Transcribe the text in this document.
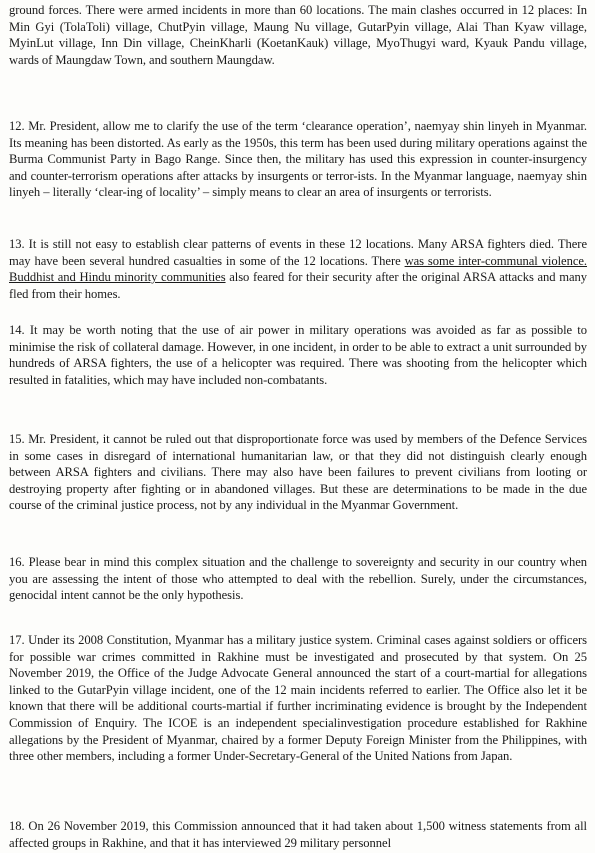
ground forces. There were armed incidents in more than 60 locations. The main clashes occurred in 12 places: In Min Gyi (TolaToli) village, ChutPyin village, Maung Nu village, GutarPyin village, Alai Than Kyaw village, MyinLut village, Inn Din village, CheinKharli (KoetanKauk) village, MyoThugyi ward, Kyauk Pandu village, wards of Maungdaw Town, and southern Maungdaw.

12. Mr. President, allow me to clarify the use of the term ‘clearance operation’, naemyay shin linyeh in Myanmar. Its meaning has been distorted. As early as the 1950s, this term has been used during military operations against the Burma Communist Party in Bago Range. Since then, the military has used this expression in counter-insurgency and counter-terrorism operations after attacks by insurgents or terror-ists. In the Myanmar language, naemyay shin linyeh – literally ‘clear-ing of locality’ – simply means to clear an area of insurgents or terrorists.

13. It is still not easy to establish clear patterns of events in these 12 locations. Many ARSA fighters died. There may have been several hundred casualties in some of the 12 locations. There was some inter-communal violence. Buddhist and Hindu minority communities also feared for their security after the original ARSA attacks and many fled from their homes.

14. It may be worth noting that the use of air power in military operations was avoided as far as possible to minimise the risk of collateral damage. However, in one incident, in order to be able to extract a unit surrounded by hundreds of ARSA fighters, the use of a helicopter was required. There was shooting from the helicopter which resulted in fatalities, which may have included non-combatants.

15. Mr. President, it cannot be ruled out that disproportionate force was used by members of the Defence Services in some cases in disregard of international humanitarian law, or that they did not distinguish clearly enough between ARSA fighters and civilians. There may also have been failures to prevent civilians from looting or destroying property after fighting or in abandoned villages. But these are determinations to be made in the due course of the criminal justice process, not by any individual in the Myanmar Government.

16. Please bear in mind this complex situation and the challenge to sovereignty and security in our country when you are assessing the intent of those who attempted to deal with the rebellion. Surely, under the circumstances, genocidal intent cannot be the only hypothesis.

17. Under its 2008 Constitution, Myanmar has a military justice system. Criminal cases against soldiers or officers for possible war crimes committed in Rakhine must be investigated and prosecuted by that system. On 25 November 2019, the Office of the Judge Advocate General announced the start of a court-martial for allegations linked to the GutarPyin village incident, one of the 12 main incidents referred to earlier. The Office also let it be known that there will be additional courts-martial if further incriminating evidence is brought by the Independent Commission of Enquiry. The ICOE is an independent specialinvestigation procedure established for Rakhine allegations by the President of Myanmar, chaired by a former Deputy Foreign Minister from the Philippines, with three other members, including a former Under-Secretary-General of the United Nations from Japan.

18. On 26 November 2019, this Commission announced that it had taken about 1,500 witness statements from all affected groups in Rakhine, and that it has interviewed 29 military personnel
